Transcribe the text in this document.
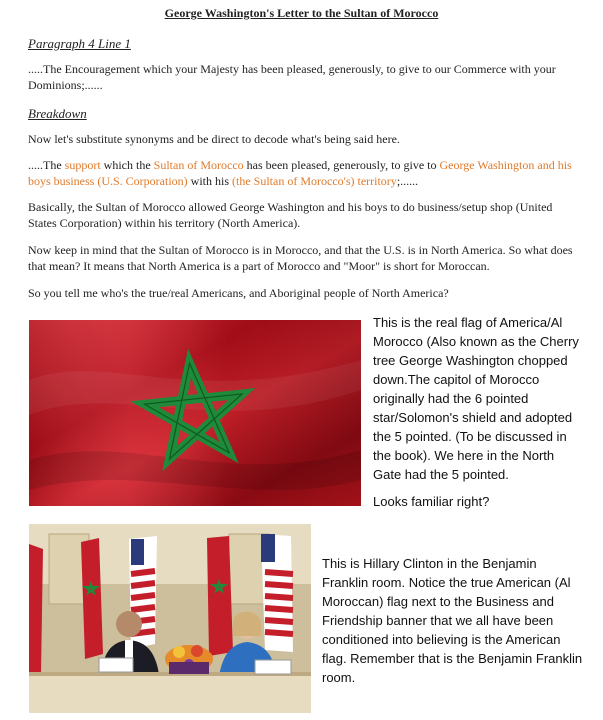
George Washington's Letter to the Sultan of Morocco
Paragraph 4 Line 1
.....The Encouragement which your Majesty has been pleased, generously, to give to our Commerce with your Dominions;......
Breakdown
Now let's substitute synonyms and be direct to decode what's being said here.
.....The support which the Sultan of Morocco has been pleased, generously, to give to George Washington and his boys business (U.S. Corporation) with his (the Sultan of Morocco's) territory;......
Basically, the Sultan of Morocco allowed George Washington and his boys to do business/setup shop (United States Corporation) within his territory (North America).
Now keep in mind that the Sultan of Morocco is in Morocco, and that the U.S. is in North America. So what does that mean? It means that North America is a part of Morocco and "Moor" is short for Moroccan.
So you tell me who's the true/real Americans, and Aboriginal people of North America?
This is the real flag of America/Al Morocco (Also known as the Cherry tree George Washington chopped down.The capitol of Morocco originally had the 6 pointed star/Solomon's shield and adopted the 5 pointed. (To be discussed in the book). We here in the North Gate had the 5 pointed.
Looks familiar right?
This is Hillary Clinton in the Benjamin Franklin room. Notice the true American (Al Moroccan) flag next to the Business and Friendship banner that we all have been conditioned into believing is the American flag. Remember that is the Benjamin Franklin room.
